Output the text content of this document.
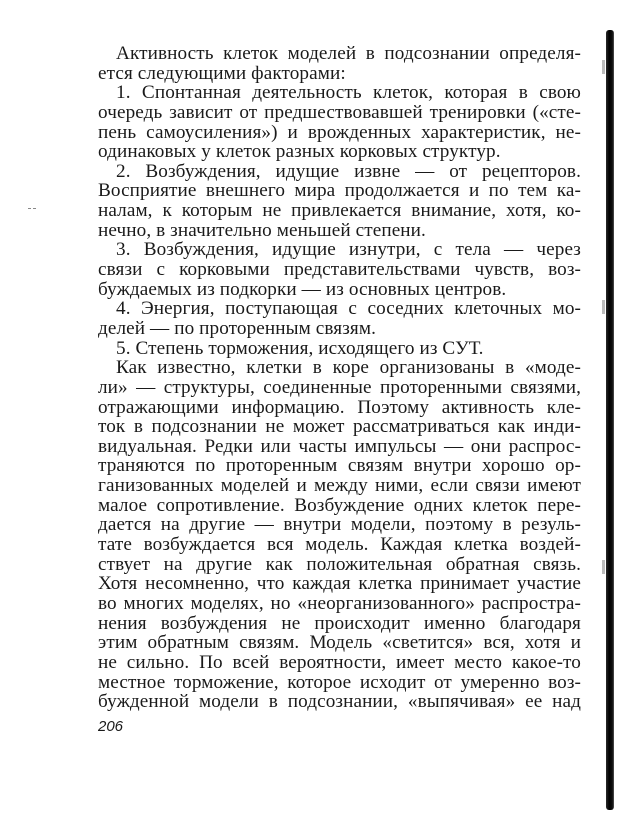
Активность клеток моделей в подсознании определя-
ется следующими факторами:
1. Спонтанная деятельность клеток, которая в свою
очередь зависит от предшествовавшей тренировки («сте-
пень самоусиления») и врожденных характеристик, не-
одинаковых у клеток разных корковых структур.
2. Возбуждения, идущие извне — от рецепторов.
Восприятие внешнего мира продолжается и по тем ка-
налам, к которым не привлекается внимание, хотя, ко-
нечно, в значительно меньшей степени.
3. Возбуждения, идущие изнутри, с тела — через
связи с корковыми представительствами чувств, воз-
буждаемых из подкорки — из основных центров.
4. Энергия, поступающая с соседних клеточных мо-
делей — по проторенным связям.
5. Степень торможения, исходящего из СУТ.
Как известно, клетки в коре организованы в «моде-
ли» — структуры, соединенные проторенными связями,
отражающими информацию. Поэтому активность кле-
ток в подсознании не может рассматриваться как инди-
видуальная. Редки или часты импульсы — они распрос-
траняются по проторенным связям внутри хорошо ор-
ганизованных моделей и между ними, если связи имеют
малое сопротивление. Возбуждение одних клеток пере-
дается на другие — внутри модели, поэтому в резуль-
тате возбуждается вся модель. Каждая клетка воздей-
ствует на другие как положительная обратная связь.
Хотя несомненно, что каждая клетка принимает участие
во многих моделях, но «неорганизованного» распростра-
нения возбуждения не происходит именно благодаря
этим обратным связям. Модель «светится» вся, хотя и
не сильно. По всей вероятности, имеет место какое-то
местное торможение, которое исходит от умеренно воз-
бужденной модели в подсознании, «выпячивая» ее над
206
